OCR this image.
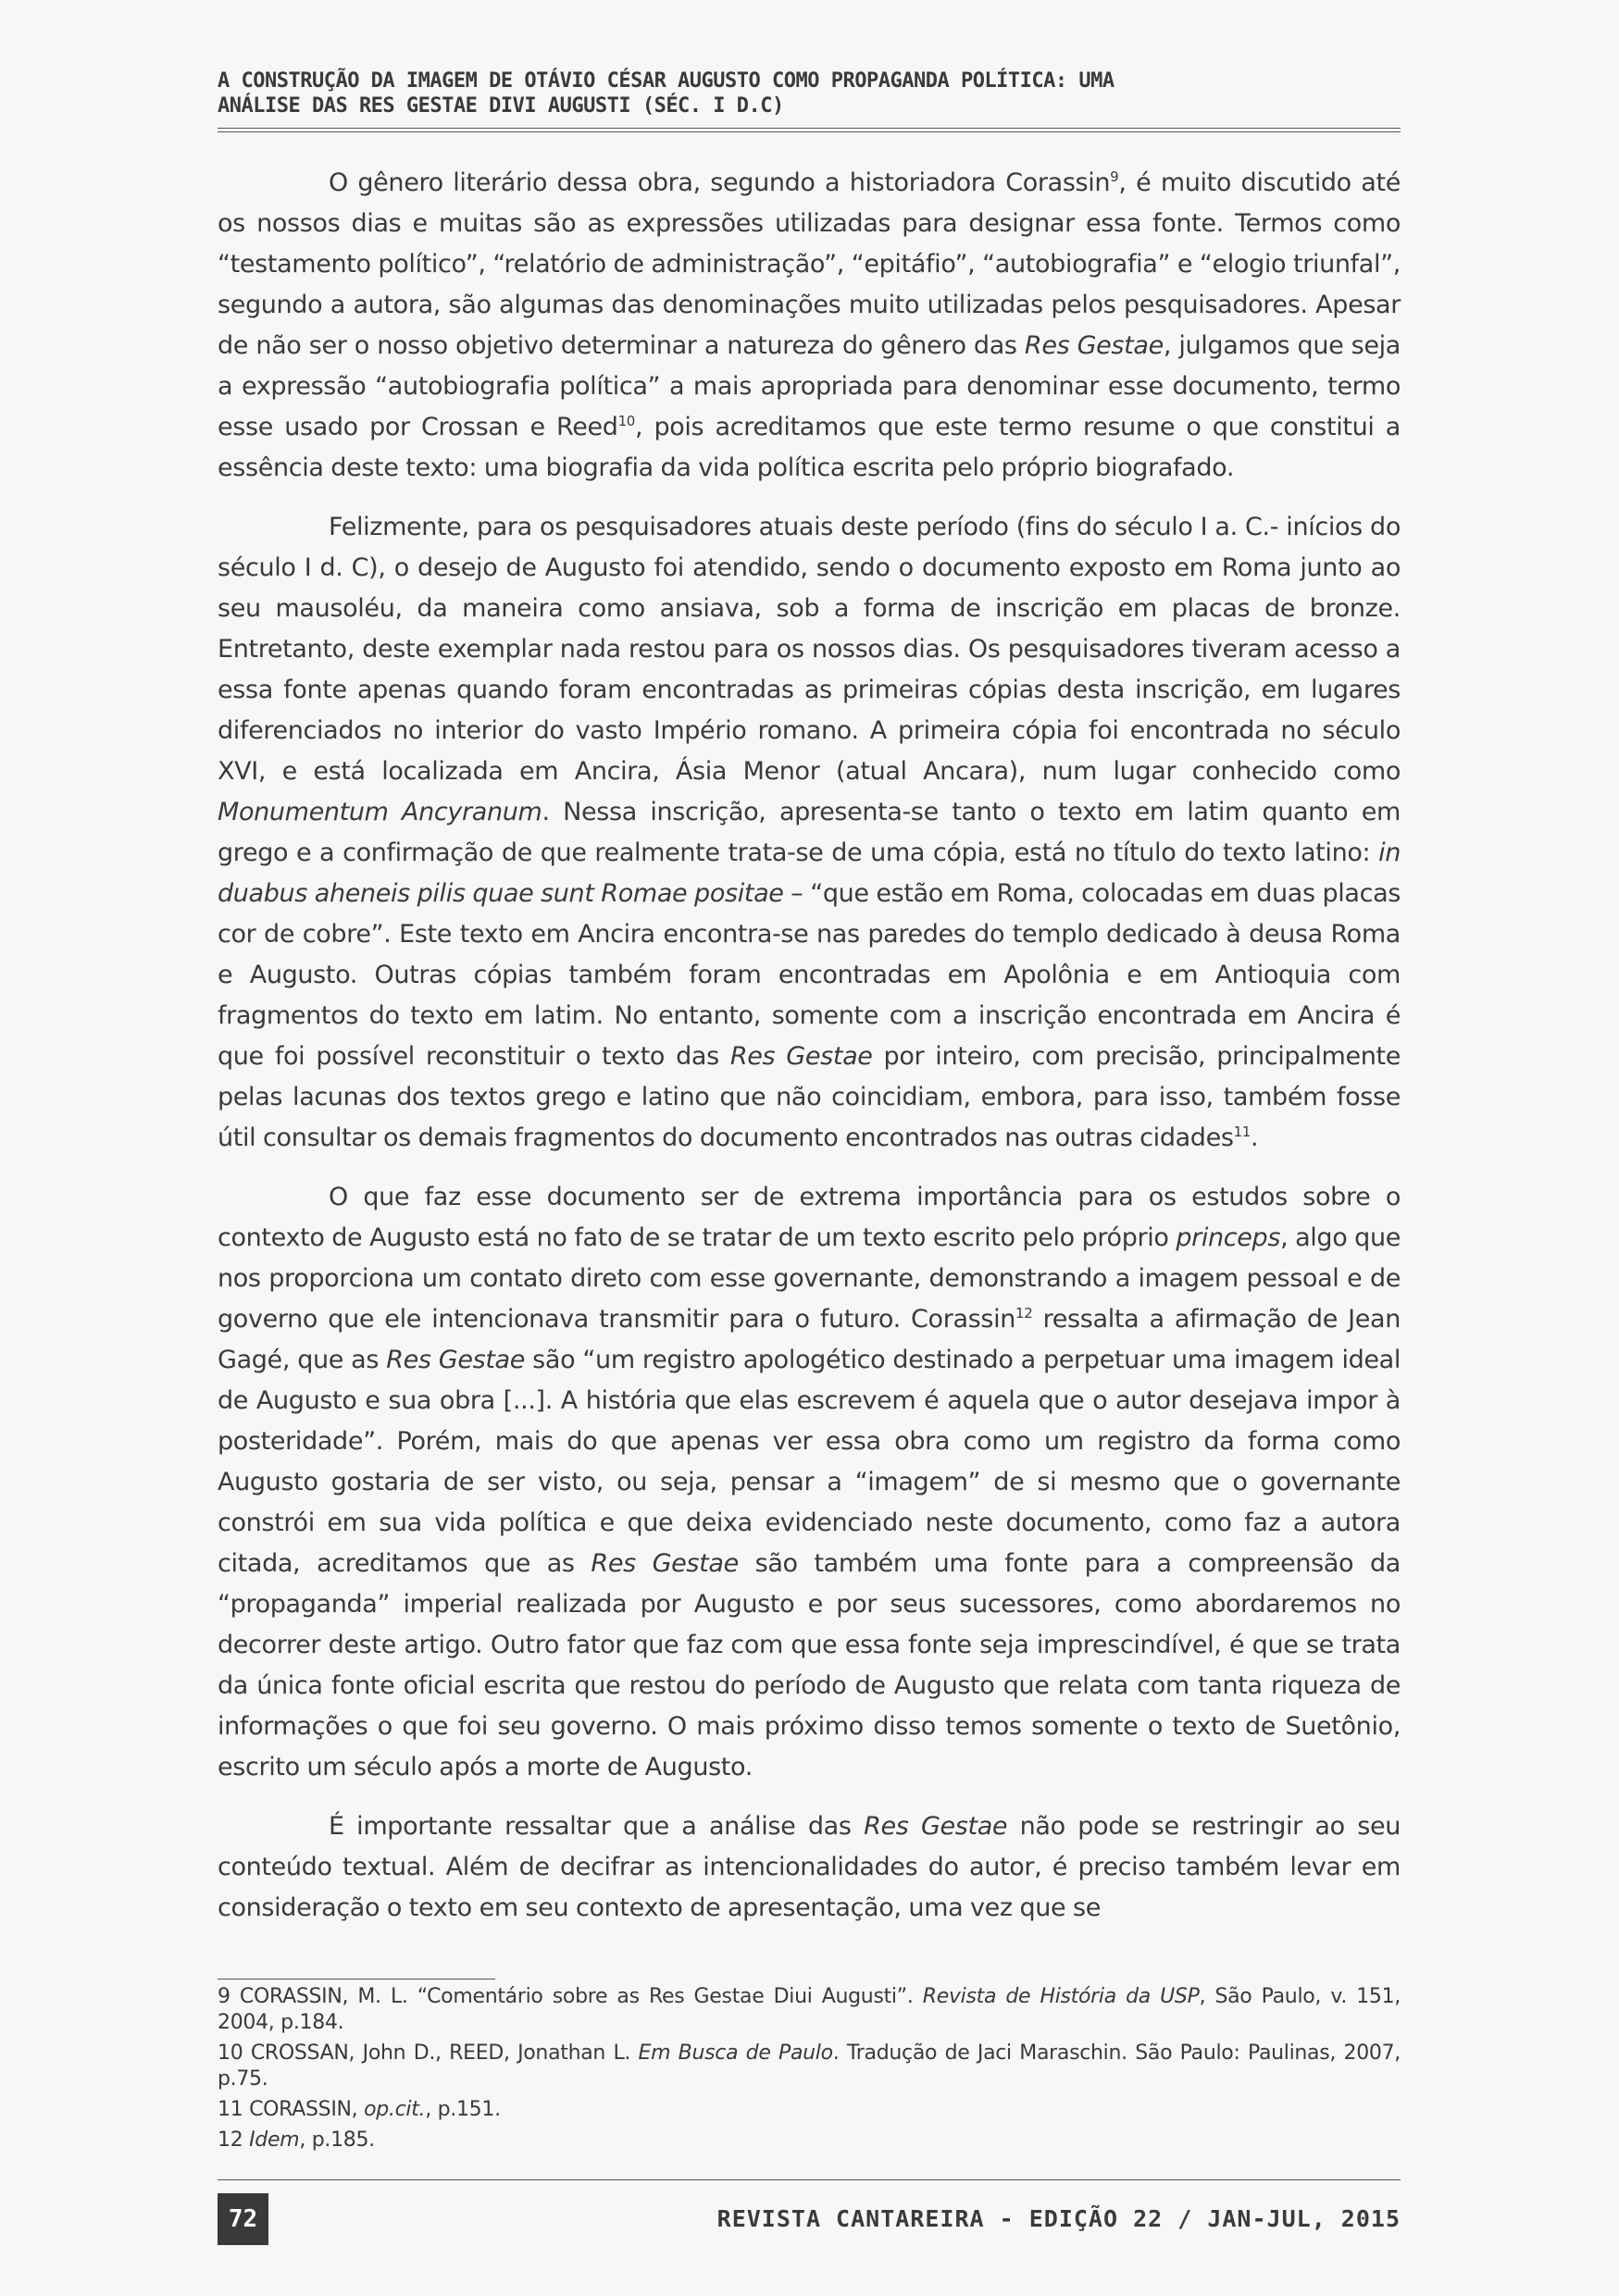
A CONSTRUÇÃO DA IMAGEM DE OTÁVIO CÉSAR AUGUSTO COMO PROPAGANDA POLÍTICA: UMA
ANÁLISE DAS RES GESTAE DIVI AUGUSTI (SÉC. I D.C)

O gênero literário dessa obra, segundo a historiadora Corassin$^9$, é muito discutido até os nossos dias e muitas são as expressões utilizadas para designar essa fonte. Termos como “testamento político”, “relatório de administração”, “epitáfio”, “autobiografia” e “elogio triunfal”, segundo a autora, são algumas das denominações muito utilizadas pelos pesquisadores. Apesar de não ser o nosso objetivo determinar a natureza do gênero das Res Gestae, julgamos que seja a expressão “autobiografia política” a mais apropriada para denominar esse documento, termo esse usado por Crossan e Reed$^{10}$, pois acreditamos que este termo resume o que constitui a essência deste texto: uma biografia da vida política escrita pelo próprio biografado.

Felizmente, para os pesquisadores atuais deste período (fins do século I a. C.- inícios do século I d. C), o desejo de Augusto foi atendido, sendo o documento exposto em Roma junto ao seu mausoléu, da maneira como ansiava, sob a forma de inscrição em placas de bronze. Entretanto, deste exemplar nada restou para os nossos dias. Os pesquisadores tiveram acesso a essa fonte apenas quando foram encontradas as primeiras cópias desta inscrição, em lugares diferenciados no interior do vasto Império romano. A primeira cópia foi encontrada no século XVI, e está localizada em Ancira, Ásia Menor (atual Ancara), num lugar conhecido como Monumentum Ancyranum. Nessa inscrição, apresenta-se tanto o texto em latim quanto em grego e a confirmação de que realmente trata-se de uma cópia, está no título do texto latino: in duabus aheneis pilis quae sunt Romae positae – “que estão em Roma, colocadas em duas placas cor de cobre”. Este texto em Ancira encontra-se nas paredes do templo dedicado à deusa Roma e Augusto. Outras cópias também foram encontradas em Apolônia e em Antioquia com fragmentos do texto em latim. No entanto, somente com a inscrição encontrada em Ancira é que foi possível reconstituir o texto das Res Gestae por inteiro, com precisão, principalmente pelas lacunas dos textos grego e latino que não coincidiam, embora, para isso, também fosse útil consultar os demais fragmentos do documento encontrados nas outras cidades$^{11}$.

O que faz esse documento ser de extrema importância para os estudos sobre o contexto de Augusto está no fato de se tratar de um texto escrito pelo próprio princeps, algo que nos proporciona um contato direto com esse governante, demonstrando a imagem pessoal e de governo que ele intencionava transmitir para o futuro. Corassin$^{12}$ ressalta a afirmação de Jean Gagé, que as Res Gestae são “um registro apologético destinado a perpetuar uma imagem ideal de Augusto e sua obra [...]. A história que elas escrevem é aquela que o autor desejava impor à posteridade”. Porém, mais do que apenas ver essa obra como um registro da forma como Augusto gostaria de ser visto, ou seja, pensar a “imagem” de si mesmo que o governante constrói em sua vida política e que deixa evidenciado neste documento, como faz a autora citada, acreditamos que as Res Gestae são também uma fonte para a compreensão da “propaganda” imperial realizada por Augusto e por seus sucessores, como abordaremos no decorrer deste artigo. Outro fator que faz com que essa fonte seja imprescindível, é que se trata da única fonte oficial escrita que restou do período de Augusto que relata com tanta riqueza de informações o que foi seu governo. O mais próximo disso temos somente o texto de Suetônio, escrito um século após a morte de Augusto.

É importante ressaltar que a análise das Res Gestae não pode se restringir ao seu conteúdo textual. Além de decifrar as intencionalidades do autor, é preciso também levar em consideração o texto em seu contexto de apresentação, uma vez que se

9 CORASSIN, M. L. “Comentário sobre as Res Gestae Diui Augusti”. Revista de História da USP, São Paulo, v. 151, 2004, p.184.
10 CROSSAN, John D., REED, Jonathan L. Em Busca de Paulo. Tradução de Jaci Maraschin. São Paulo: Paulinas, 2007, p.75.
11 CORASSIN, op.cit., p.151.
12 Idem, p.185.
72	REVISTA CANTAREIRA - EDIÇÃO 22 / JAN-JUL, 2015
